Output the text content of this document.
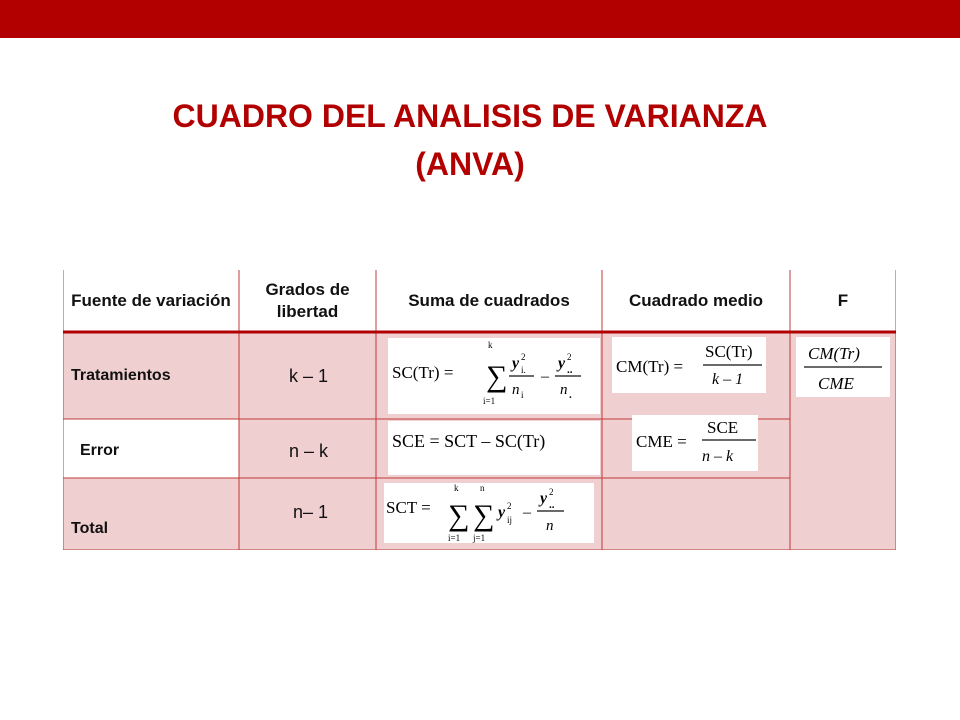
CUADRO DEL ANALISIS DE VARIANZA
(ANVA)
Fuente de variación
Grados de libertad
Suma de cuadrados	Cuadrado medio	F
Tratamientos
Error
Total
k – 1
n – k
n– 1
SC(Tr) =
k
∑
i=1
y 2
i.
n i
–
y 2
..
n .
SCE = SCT – SC(Tr)
SCT =
k
∑
i=1
n
∑
j=1
y 2
ij –
y 2
..
n
CM(Tr) =
SC(Tr)
k – 1
CME =
SCE
n – k
CM(Tr)
CME
